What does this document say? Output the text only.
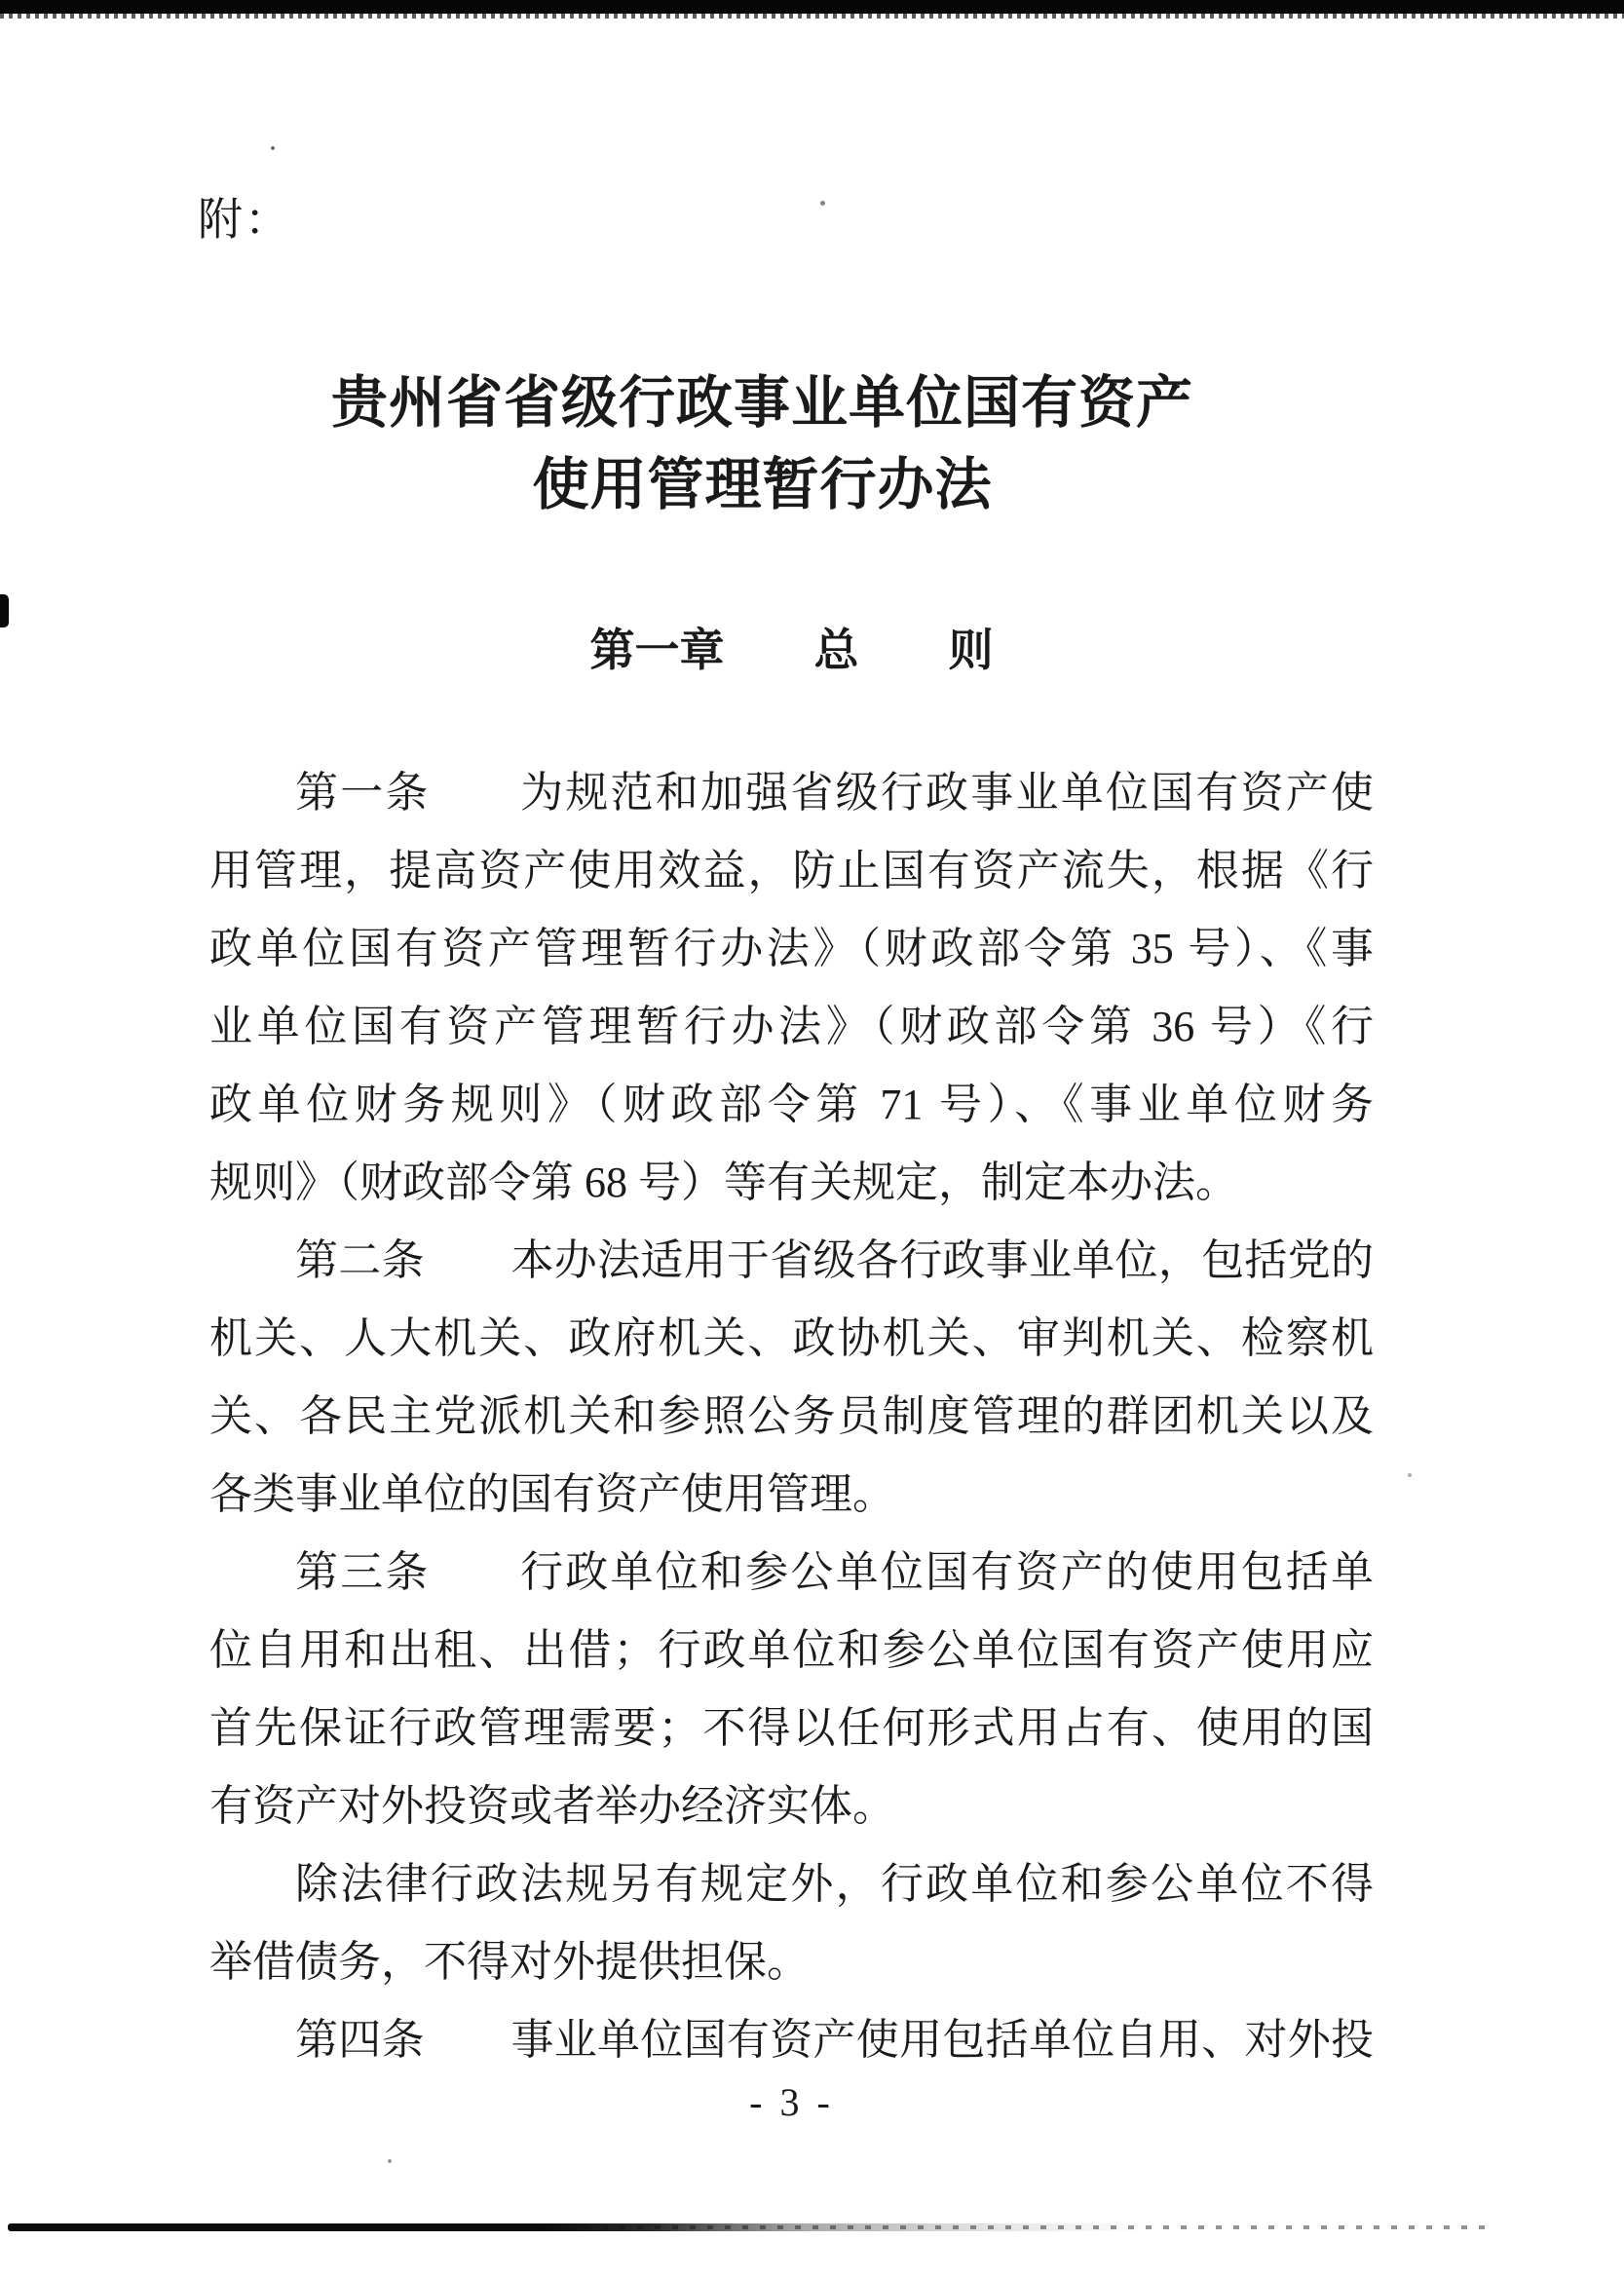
附：
贵州省省级行政事业单位国有资产
使用管理暂行办法
第一章　　总　　则
第一条　　为规范和加强省级行政事业单位国有资产使
用管理，提高资产使用效益，防止国有资产流失，根据《行
政单位国有资产管理暂行办法》（财政部令第 35 号）、《事
业单位国有资产管理暂行办法》（财政部令第 36 号）《行
政单位财务规则》（财政部令第 71 号）、《事业单位财务
规则》（财政部令第 68 号）等有关规定，制定本办法。
第二条　　本办法适用于省级各行政事业单位，包括党的
机关、人大机关、政府机关、政协机关、审判机关、检察机
关、各民主党派机关和参照公务员制度管理的群团机关以及
各类事业单位的国有资产使用管理。
第三条　　行政单位和参公单位国有资产的使用包括单
位自用和出租、出借；行政单位和参公单位国有资产使用应
首先保证行政管理需要；不得以任何形式用占有、使用的国
有资产对外投资或者举办经济实体。
除法律行政法规另有规定外，行政单位和参公单位不得
举借债务，不得对外提供担保。
第四条　　事业单位国有资产使用包括单位自用、对外投
- 3 -
